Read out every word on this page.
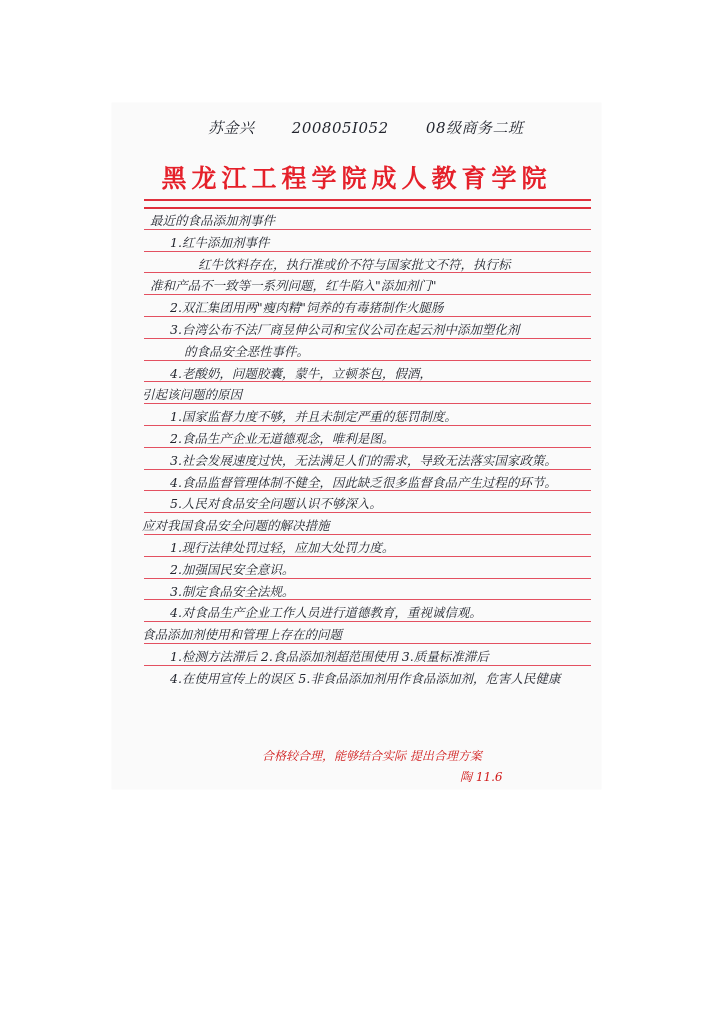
苏金兴 200805I052 08级商务二班
黑龙江工程学院成人教育学院
最近的食品添加剂事件
1.红牛添加剂事件
红牛饮料存在，执行准或价不符与国家批文不符，执行标
准和产品不一致等一系列问题，红牛陷入"添加剂门"
2.双汇集团用两"瘦肉精"饲养的有毒猪制作火腿肠
3.台湾公布不法厂商昱伸公司和宝仪公司在起云剂中添加塑化剂
的食品安全恶性事件。
4.老酸奶，问题胶囊，蒙牛，立顿茶包，假酒，
引起该问题的原因
1.国家监督力度不够，并且未制定严重的惩罚制度。
2.食品生产企业无道德观念，唯利是图。
3.社会发展速度过快，无法满足人们的需求，导致无法落实国家政策。
4.食品监督管理体制不健全，因此缺乏很多监督食品产生过程的环节。
5.人民对食品安全问题认识不够深入。
应对我国食品安全问题的解决措施
1.现行法律处罚过轻，应加大处罚力度。
2.加强国民安全意识。
3.制定食品安全法规。
4.对食品生产企业工作人员进行道德教育，重视诚信观。
食品添加剂使用和管理上存在的问题
1.检测方法滞后 2.食品添加剂超范围使用 3.质量标准滞后
4.在使用宣传上的误区 5.非食品添加剂用作食品添加剂，危害人民健康
合格较合理，能够结合实际 提出合理方案
陶 11.6
